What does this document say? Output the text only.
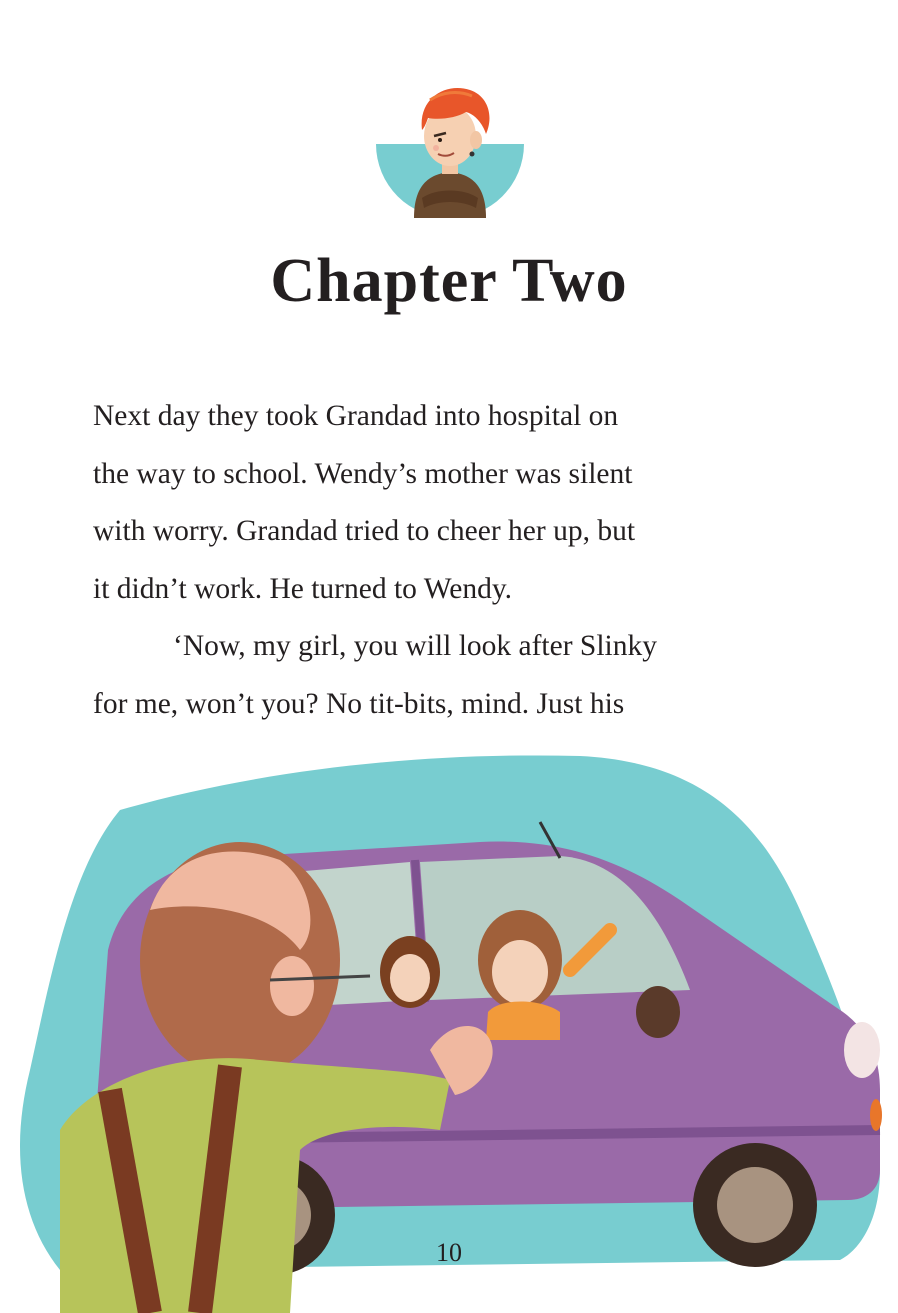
Chapter Two

Next day they took Grandad into hospital on
the way to school. Wendy’s mother was silent
with worry. Grandad tried to cheer her up, but
it didn’t work. He turned to Wendy.

‘Now, my girl, you will look after Slinky
for me, won’t you? No tit-bits, mind. Just his

10
